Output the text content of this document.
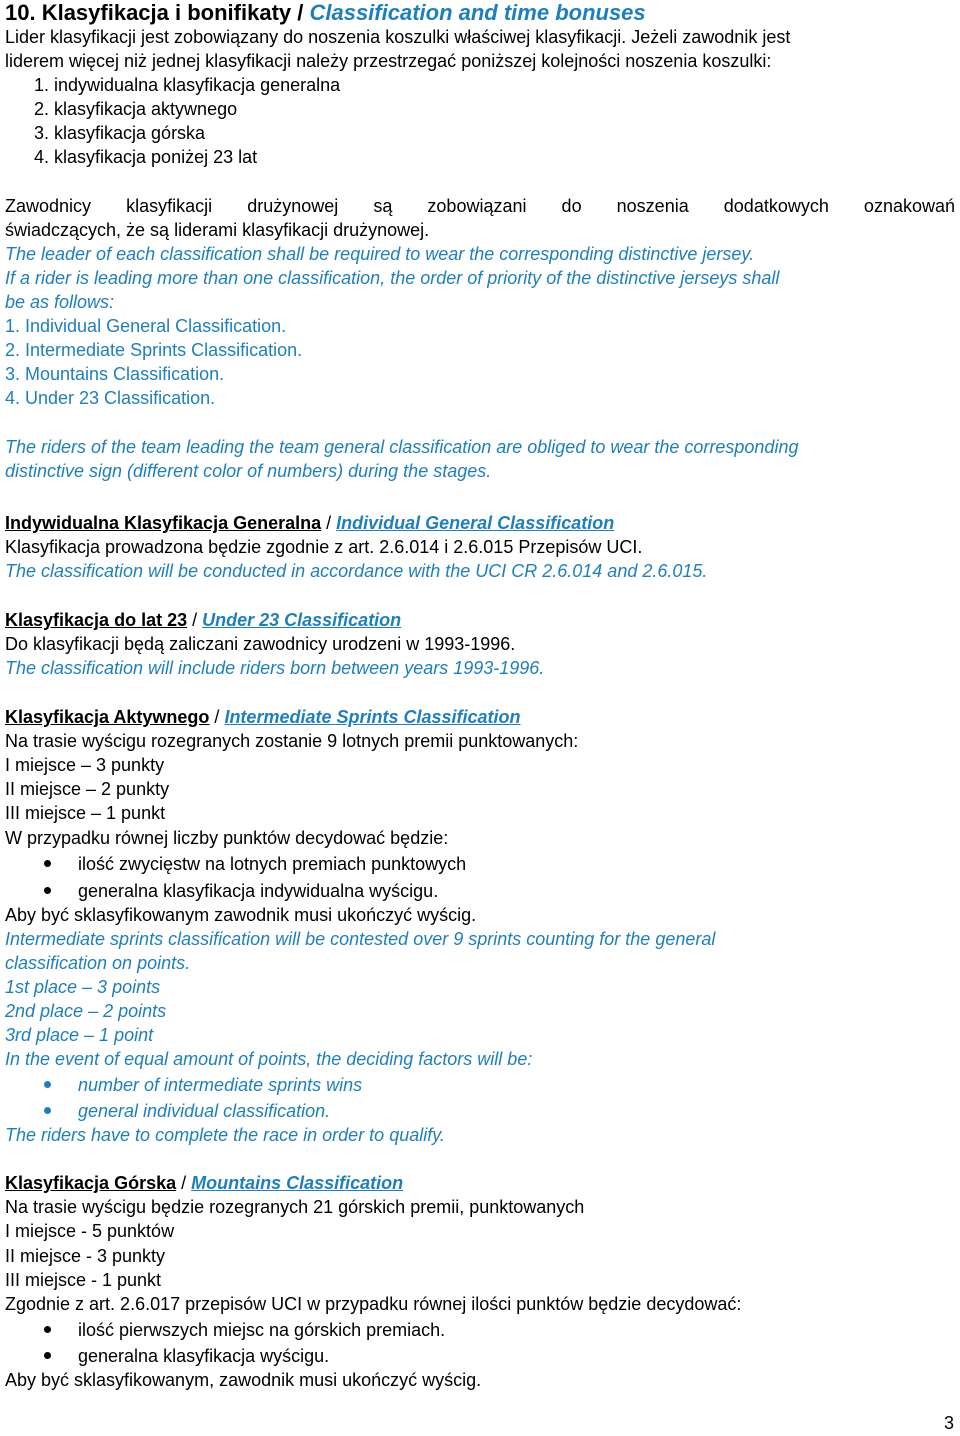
10. Klasyfikacja i bonifikaty / Classification and time bonuses
Lider klasyfikacji jest zobowiązany do noszenia koszulki właściwej klasyfikacji. Jeżeli zawodnik jest
liderem więcej niż jednej klasyfikacji należy przestrzegać poniższej kolejności noszenia koszulki:
1. indywidualna klasyfikacja generalna
2. klasyfikacja aktywnego
3. klasyfikacja górska
4. klasyfikacja poniżej 23 lat
Zawodnicy klasyfikacji drużynowej są zobowiązani do noszenia dodatkowych oznakowań
świadczących, że są liderami klasyfikacji drużynowej.
The leader of each classification shall be required to wear the corresponding distinctive jersey.
If a rider is leading more than one classification, the order of priority of the distinctive jerseys shall
be as follows:
1. Individual General Classification.
2. Intermediate Sprints Classification.
3. Mountains Classification.
4. Under 23 Classification.
The riders of the team leading the team general classification are obliged to wear the corresponding
distinctive sign (different color of numbers) during the stages.
Indywidualna Klasyfikacja Generalna / Individual General Classification
Klasyfikacja prowadzona będzie zgodnie z art. 2.6.014 i 2.6.015 Przepisów UCI.
The classification will be conducted in accordance with the UCI CR 2.6.014 and 2.6.015.
Klasyfikacja do lat 23 / Under 23 Classification
Do klasyfikacji będą zaliczani zawodnicy urodzeni w 1993-1996.
The classification will include riders born between years 1993-1996.
Klasyfikacja Aktywnego / Intermediate Sprints Classification
Na trasie wyścigu rozegranych zostanie 9 lotnych premii punktowanych:
I miejsce – 3 punkty
II miejsce – 2 punkty
III miejsce – 1 punkt
W przypadku równej liczby punktów decydować będzie:
ilość zwycięstw na lotnych premiach punktowych
generalna klasyfikacja indywidualna wyścigu.
Aby być sklasyfikowanym zawodnik musi ukończyć wyścig.
Intermediate sprints classification will be contested over 9 sprints counting for the general
classification on points.
1st place – 3 points
2nd place – 2 points
3rd place – 1 point
In the event of equal amount of points, the deciding factors will be:
number of intermediate sprints wins
general individual classification.
The riders have to complete the race in order to qualify.
Klasyfikacja Górska / Mountains Classification
Na trasie wyścigu będzie rozegranych 21 górskich premii, punktowanych
I miejsce - 5 punktów
II miejsce - 3 punkty
III miejsce - 1 punkt
Zgodnie z art. 2.6.017 przepisów UCI w przypadku równej ilości punktów będzie decydować:
ilość pierwszych miejsc na górskich premiach.
generalna klasyfikacja wyścigu.
Aby być sklasyfikowanym, zawodnik musi ukończyć wyścig.
3
